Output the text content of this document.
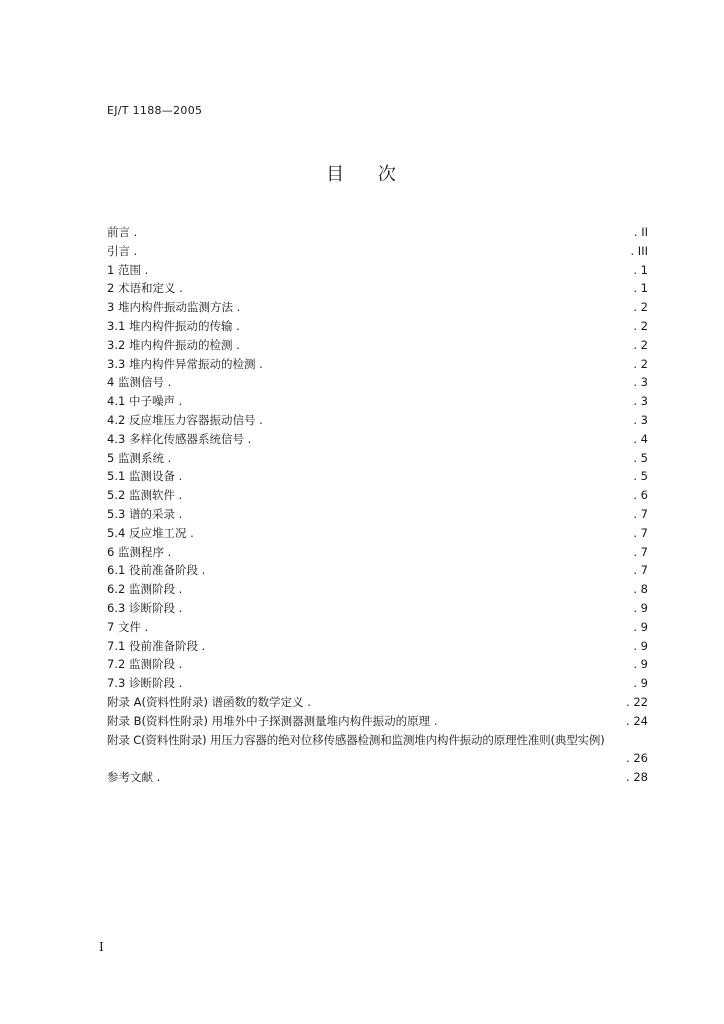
EJ/T 1188—2005
目 次
前言 .	. II
引言 .	. III
1 范围 .	. 1
2 术语和定义 .	. 1
3 堆内构件振动监测方法 .	. 2
3.1 堆内构件振动的传输 .	. 2
3.2 堆内构件振动的检测 .	. 2
3.3 堆内构件异常振动的检测 .	. 2
4 监测信号 .	. 3
4.1 中子噪声 .	. 3
4.2 反应堆压力容器振动信号 .	. 3
4.3 多样化传感器系统信号 .	. 4
5 监测系统 .	. 5
5.1 监测设备 .	. 5
5.2 监测软件 .	. 6
5.3 谱的采录 .	. 7
5.4 反应堆工况 .	. 7
6 监测程序 .	. 7
6.1 役前准备阶段 .	. 7
6.2 监测阶段 .	. 8
6.3 诊断阶段 .	. 9
7 文件 .	. 9
7.1 役前准备阶段 .	. 9
7.2 监测阶段 .	. 9
7.3 诊断阶段 .	. 9
附录 A(资料性附录) 谱函数的数学定义 .	. 22
附录 B(资料性附录) 用堆外中子探测器测量堆内构件振动的原理 .	. 24
附录 C(资料性附录) 用压力容器的绝对位移传感器检测和监测堆内构件振动的原理性准则(典型实例)
. 26
参考文献 .	. 28
I
